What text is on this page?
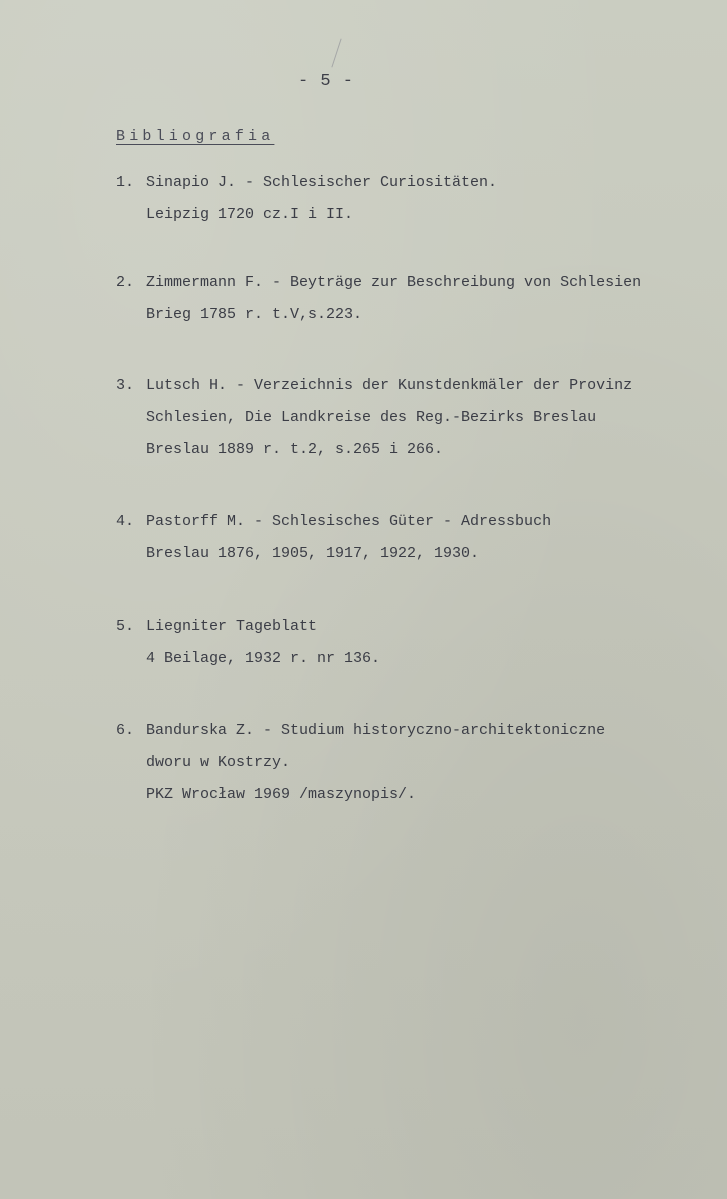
- 5 -
Bibliografia
1. Sinapio J. - Schlesischer Curiositäten.
Leipzig 1720 cz.I i II.
2. Zimmermann F. - Beyträge zur Beschreibung von Schlesien
Brieg 1785 r. t.V,s.223.
3. Lutsch H. - Verzeichnis der Kunstdenkmäler der Provinz
Schlesien, Die Landkreise des Reg.-Bezirks Breslau
Breslau 1889 r. t.2, s.265 i 266.
4. Pastorff M. - Schlesisches Güter - Adressbuch
Breslau 1876, 1905, 1917, 1922, 1930.
5. Liegniter Tageblatt
4 Beilage, 1932 r. nr 136.
6. Bandurska Z. - Studium historyczno-architektoniczne
dworu w Kostrzy.
PKZ Wrocław 1969 /maszynopis/.
